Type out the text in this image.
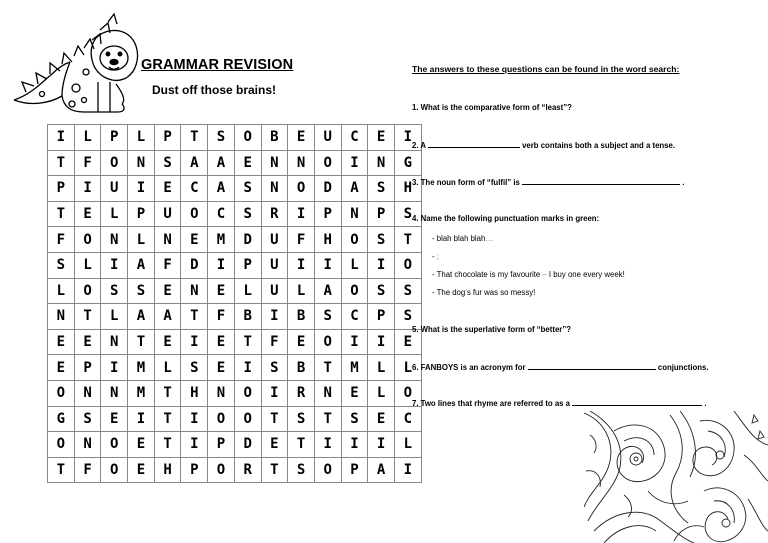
GRAMMAR REVISION
Dust off those brains!
I	L	P	L	P	T	S	O	B	E	U	C	E	I
T	F	O	N	S	A	A	E	N	N	O	I	N	G
P	I	U	I	E	C	A	S	N	O	D	A	S	H
T	E	L	P	U	O	C	S	R	I	P	N	P	S
F	O	N	L	N	E	M	D	U	F	H	O	S	T
S	L	I	A	F	D	I	P	U	I	I	L	I	O
L	O	S	S	E	N	E	L	U	L	A	O	S	S
N	T	L	A	A	T	F	B	I	B	S	C	P	S
E	E	N	T	E	I	E	T	F	E	O	I	I	E
E	P	I	M	L	S	E	I	S	B	T	M	L	L
O	N	N	M	T	H	N	O	I	R	N	E	L	O
G	S	E	I	T	I	O	O	T	S	T	S	E	C
O	N	O	E	T	I	P	D	E	T	I	I	I	L
T	F	O	E	H	P	O	R	T	S	O	P	A	I
The answers to these questions can be found in the word search:
1. What is the comparative form of “least”?
2. A	verb contains both a subject and a tense.
3. The noun form of “fulfil” is	.
4. Name the following punctuation marks in green:
- blah blah blah…
- ;
- That chocolate is my favourite – I buy one every week!
- The dog’s fur was so messy!
5. What is the superlative form of “better”?
6. FANBOYS is an acronym for	conjunctions.
7. Two lines that rhyme are referred to as a	.
